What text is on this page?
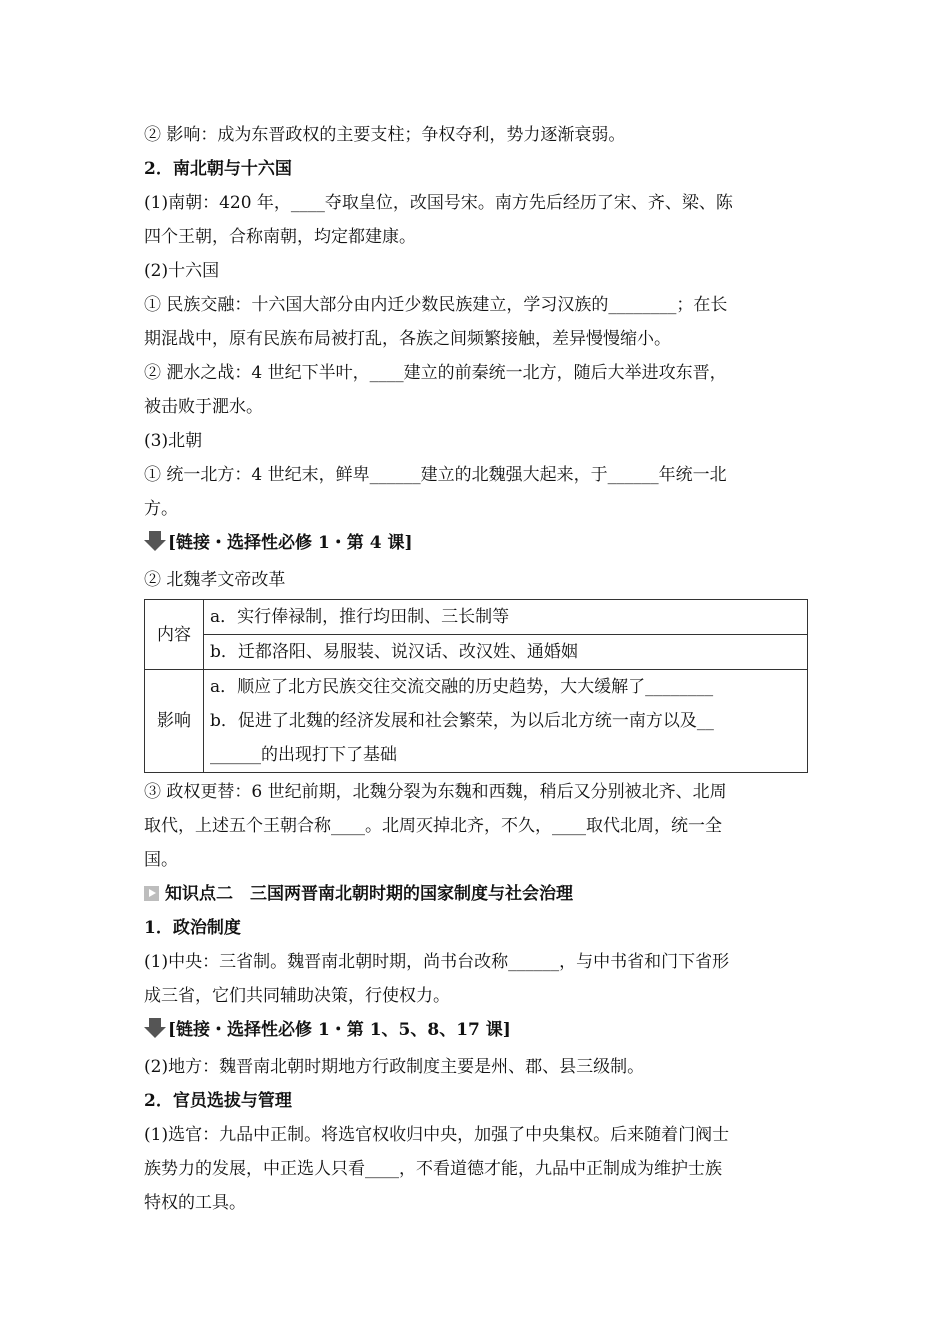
② 影响：成为东晋政权的主要支柱；争权夺利，势力逐渐衰弱。

2．南北朝与十六国

(1)南朝：420 年，____夺取皇位，改国号宋。南方先后经历了宋、齐、梁、陈

四个王朝，合称南朝，均定都建康。

(2)十六国

① 民族交融：十六国大部分由内迁少数民族建立，学习汉族的________；在长

期混战中，原有民族布局被打乱，各族之间频繁接触，差异慢慢缩小。

② 淝水之战：4 世纪下半叶，____建立的前秦统一北方，随后大举进攻东晋，

被击败于淝水。

(3)北朝

① 统一北方：4 世纪末，鲜卑______建立的北魏强大起来，于______年统一北

方。

[链接・选择性必修 1・第 4 课]

② 北魏孝文帝改革

内容	a．实行俸禄制，推行均田制、三长制等
	b．迁都洛阳、易服装、说汉话、改汉姓、通婚姻
影响	a．顺应了北方民族交往交流交融的历史趋势，大大缓解了________
	b．促进了北魏的经济发展和社会繁荣，为以后北方统一南方以及__
	______的出现打下了基础

③ 政权更替：6 世纪前期，北魏分裂为东魏和西魏，稍后又分别被北齐、北周

取代，上述五个王朝合称____。北周灭掉北齐，不久，____取代北周，统一全

国。

知识点二　三国两晋南北朝时期的国家制度与社会治理

1．政治制度

(1)中央：三省制。魏晋南北朝时期，尚书台改称______，与中书省和门下省形

成三省，它们共同辅助决策，行使权力。

[链接・选择性必修 1・第 1、5、8、17 课]

(2)地方：魏晋南北朝时期地方行政制度主要是州、郡、县三级制。

2．官员选拔与管理

(1)选官：九品中正制。将选官权收归中央，加强了中央集权。后来随着门阀士

族势力的发展，中正选人只看____，不看道德才能，九品中正制成为维护士族

特权的工具。
